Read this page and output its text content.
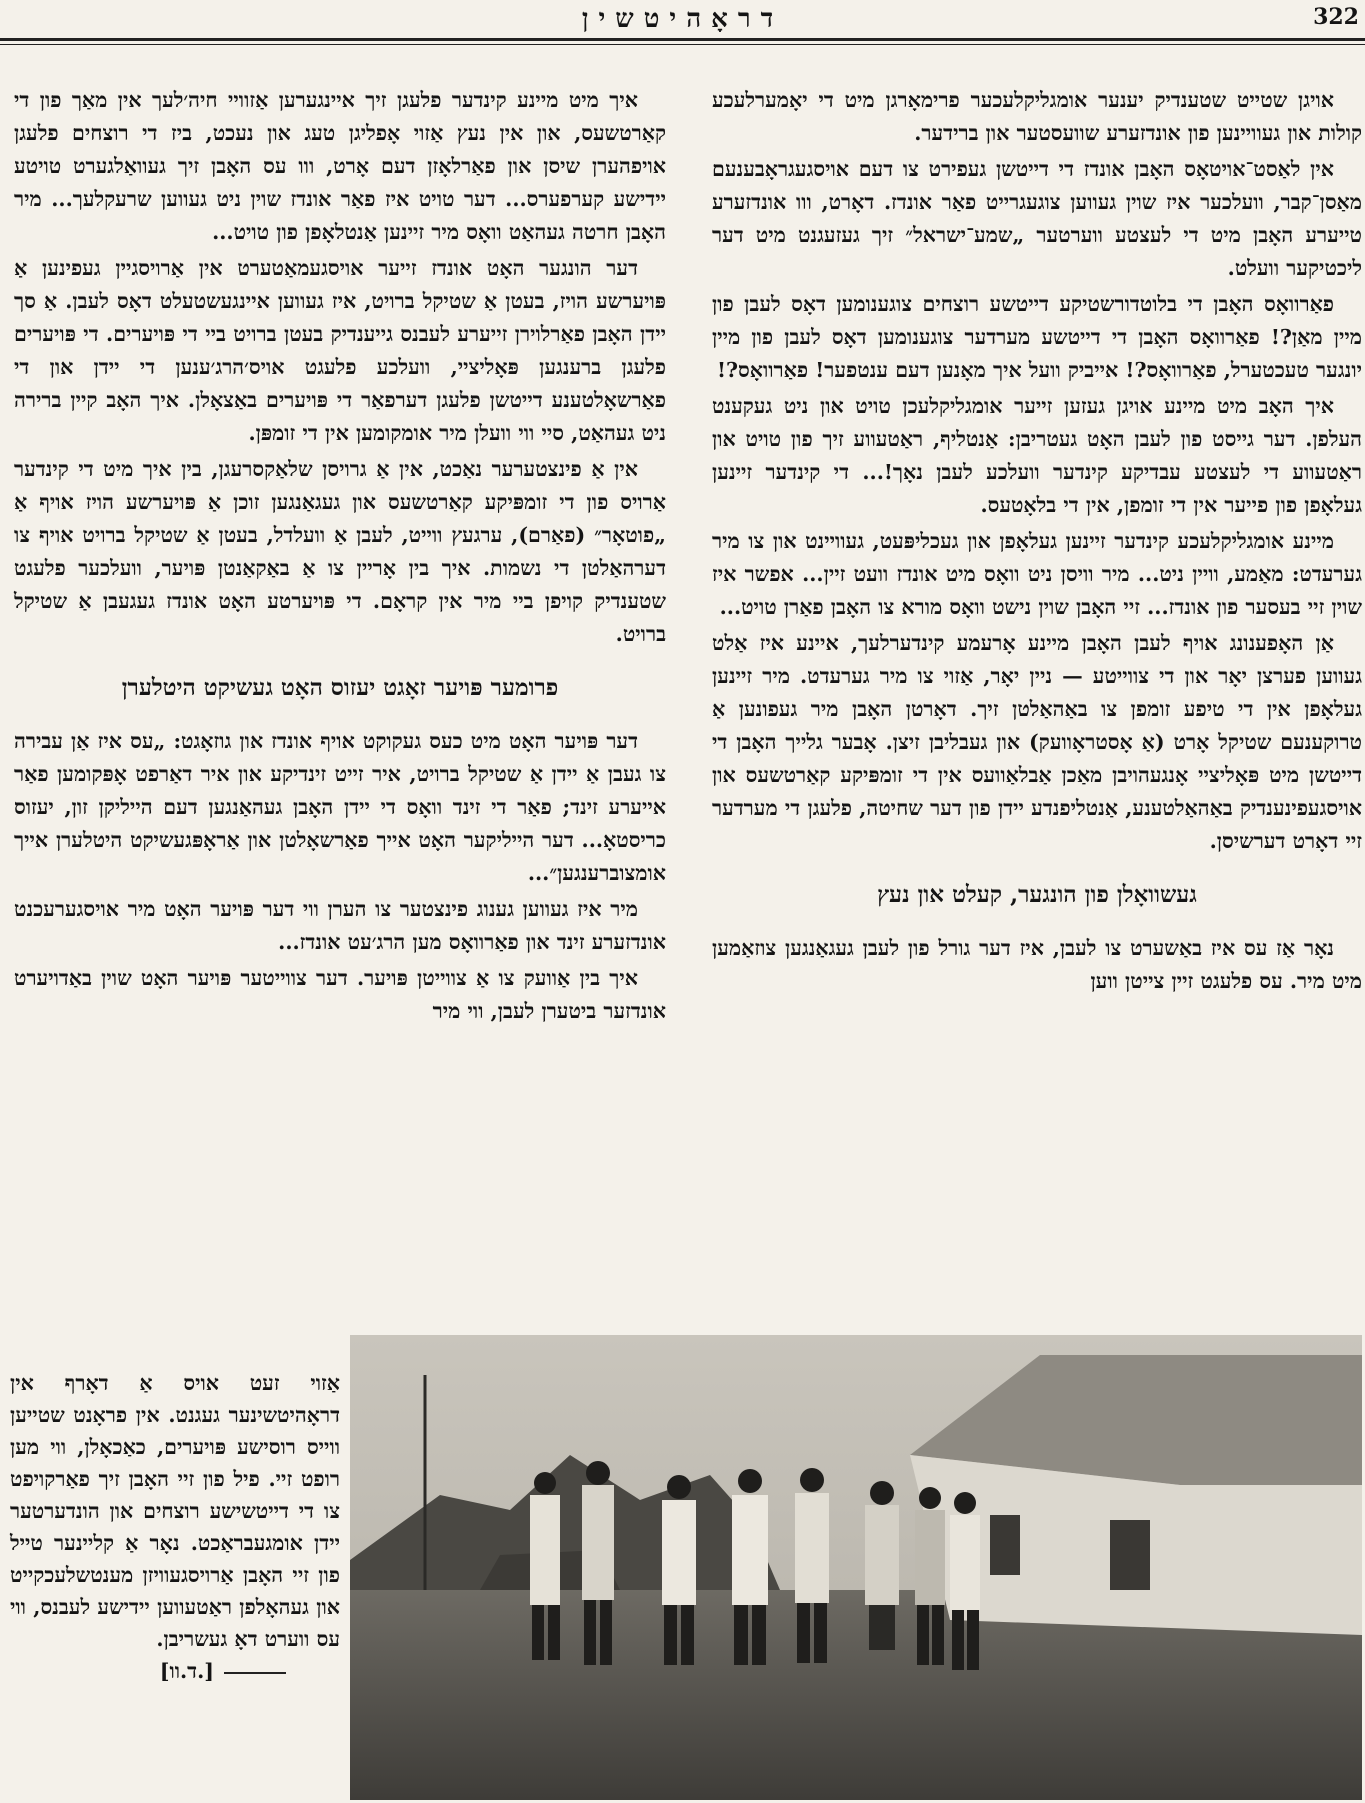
דראָהיטשין	322

אויגן שטייט שטענדיק יענער אומגליקלעכער פרימאָרגן מיט די יאָמערלעכע קולות און געוויינען פון אונדזערע שוועסטער און ברידער.

אין לאַסט־אויטאָס האָבן אונדז די דייטשן געפירט צו דעם אויסגעגראָבענעם מאַסן־קבר, וועלכער איז שוין געווען צוגעגרייט פאַר אונדז. דאָרט, ווו אונדזערע טייערע האָבן מיט די לעצטע ווערטער „שמע־ישראל״ זיך געזעגנט מיט דער ליכטיקער וועלט.

פאַרוואָס האָבן די בלוטדורשטיקע דייטשע רוצחים צוגענומען דאָס לעבן פון מיין מאַן?! פאַרוואָס האָבן די דייטשע מערדער צוגענומען דאָס לעבן פון מיין יונגער טעכטערל, פאַרוואָס?! אייביק וועל איך מאָנען דעם ענטפער! פאַרוואָס?!

איך האָב מיט מיינע אויגן געזען זייער אומגליקלעכן טויט און ניט געקענט העלפן. דער גייסט פון לעבן האָט געטריבן: אַנטליף, ראַטעווע זיך פון טויט און ראַטעווע די לעצטע עבדיקע קינדער וועלכע לעבן נאָך!... די קינדער זיינען געלאָפן פון פייער אין די זומפן, אין די בלאָטעס.

מיינע אומגליקלעכע קינדער זיינען געלאָפן און געכליפּעט, געוויינט און צו מיר גערעדט: מאַמע, וויין ניט... מיר וויסן ניט וואָס מיט אונדז וועט זיין... אפשר איז שוין זיי בעסער פון אונדז... זיי האָבן שוין נישט וואָס מורא צו האָבן פאַרן טויט...

אַן האָפענונג אויף לעבן האָבן מיינע אָרעמע קינדערלעך, איינע איז אַלט געווען פערצן יאָר און די צווייטע — ניין יאָר, אַזוי צו מיר גערעדט. מיר זיינען געלאָפן אין די טיפע זומפן צו באַהאַלטן זיך. דאָרטן האָבן מיר געפונען אַ טרוקענעם שטיקל אָרט (אַ אָסטראָוועק) און געבליבן זיצן. אָבער גלייך האָבן די דייטשן מיט פּאָליציי אָנגעהויבן מאַכן אַבלאַוועס אין די זומפּיקע קאַרטשעס און אויסגעפינענדיק באַהאַלטענע, אַנטליפנדע יידן פון דער שחיטה, פלעגן די מערדער זיי דאָרט דערשיסן.

געשוואָלן פון הונגער, קעלט און נעץ

נאָר אַז עס איז באַשערט צו לעבן, איז דער גורל פון לעבן געגאַנגען צוזאַמען מיט מיר. עס פלעגט זיין צייטן ווען

איך מיט מיינע קינדער פלעגן זיך איינגערען אַזוויי חיה׳לעך אין מאַך פון די קאַרטשעס, און אין נעץ אַזוי אָפליגן טעג און נעכט, ביז די רוצחים פלעגן אויפהערן שיסן און פאַרלאָזן דעם אָרט, ווו עס האָבן זיך געוואַלגערט טויטע יידישע קערפערס... דער טויט איז פאַר אונדז שוין ניט געווען שרעקלעך... מיר האָבן חרטה געהאַט וואָס מיר זיינען אַנטלאָפן פון טויט...

דער הונגער האָט אונדז זייער אויסגעמאַטערט אין אַרויסגיין געפינען אַ פּויערשע הויז, בעטן אַ שטיקל ברויט, איז געווען איינגעשטעלט דאָס לעבן. אַ סך יידן האָבן פאַרלוירן זייערע לעבנס גייענדיק בעטן ברויט ביי די פּויערים. די פּויערים פלעגן ברענגען פּאָליציי, וועלכע פלעגט אויס׳הרג׳ענען די יידן און די פאַרשאָלטענע דייטשן פלעגן דערפאַר די פּויערים באַצאָלן. איך האָב קיין ברירה ניט געהאַט, סיי ווי וועלן מיר אומקומען אין די זומפּן.

אין אַ פינצטערער נאַכט, אין אַ גרויסן שלאַקסרעגן, בין איך מיט די קינדער אַרויס פון די זומפּיקע קאַרטשעס און געגאַנגען זוכן אַ פּויערשע הויז אויף אַ „פוטאָר״ (פאַרם), ערגעץ ווייט, לעבן אַ וועלדל, בעטן אַ שטיקל ברויט אויף צו דערהאַלטן די נשמות. איך בין אָריין צו אַ באַקאַנטן פּויער, וועלכער פלעגט שטענדיק קויפן ביי מיר אין קראָם. די פּויערטע האָט אונדז געגעבן אַ שטיקל ברויט.

פרומער פּויער זאָגט יעזוס האָט געשיקט היטלערן

דער פּויער האָט מיט כעס געקוקט אויף אונדז און גוזאָגט: „עס איז אַן עבירה צו געבן אַ יידן אַ שטיקל ברויט, איר זייט זינדיקע און איר דאַרפט אָפּקומען פאַר אייערע זינד; פאַר די זינד וואָס די יידן האָבן געהאַנגען דעם הייליקן זון, יעזוס כריסטאָ... דער הייליקער האָט אייך פאַרשאָלטן און אַראָפּגעשיקט היטלערן אייך אומצוברענגען״...

מיר איז געווען גענוג פינצטער צו הערן ווי דער פּויער האָט מיר אויסגערעכנט אונדזערע זינד און פאַרוואָס מען הרג׳עט אונדז...

איך בין אַוועק צו אַ צווייטן פּויער. דער צווייטער פּויער האָט שוין באַדויערט אונדזער ביטערן לעבן, ווי מיר

אַזוי זעט אויס אַ דאָרף אין דראָהיטשינער געגנט. אין פראָנט שטייען ווייס רוסישע פּויערים, כאַכאָלן, ווי מען רופט זיי. פיל פון זיי האָבן זיך פאַרקויפט צו די דייטשישע רוצחים און הונדערטער יידן אומגעבראַכט. נאָר אַ קליינער טייל פון זיי האָבן אַרויסגעוויזן מענטשלעכקייט און געהאָלפן ראַטעווען יידישע לעבנס, ווי עס ווערט דאָ געשריבן.

[ד.וו.]
